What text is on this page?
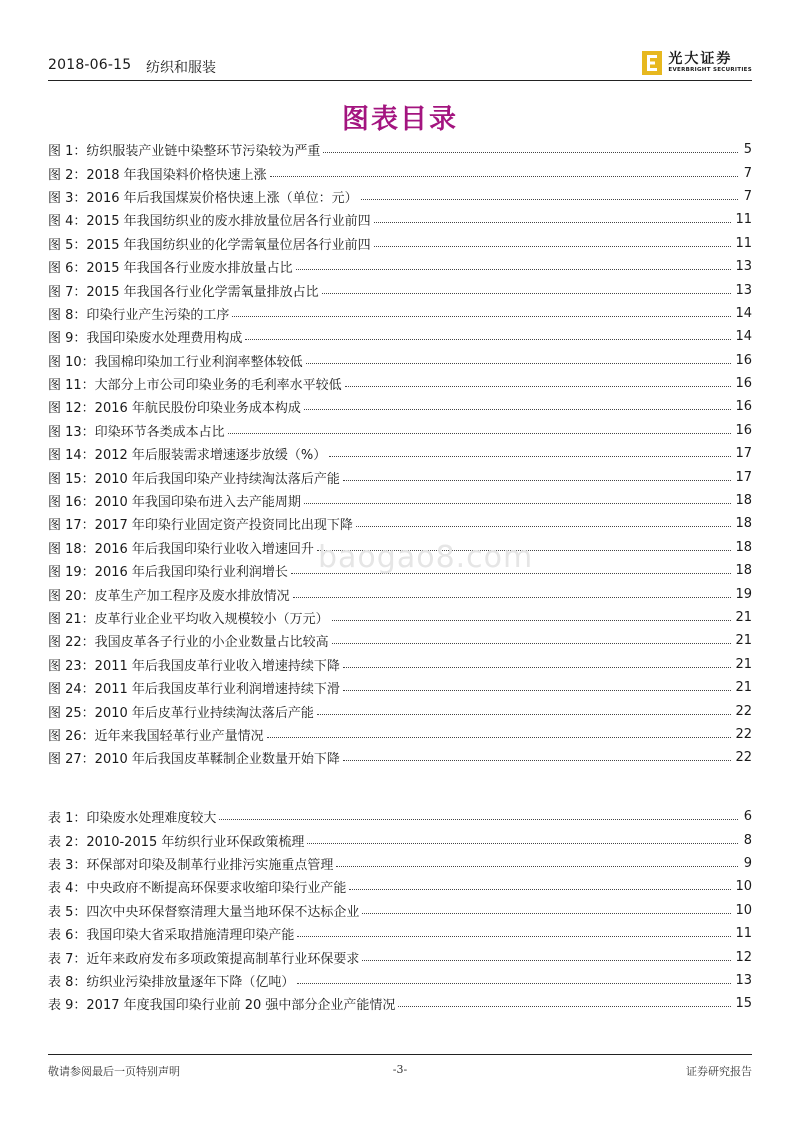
2018-06-15 纺织和服装
光大证券
EVERBRIGHT SECURITIES
图表目录
图 1：纺织服装产业链中染整环节污染较为严重	5
图 2：2018 年我国染料价格快速上涨	7
图 3：2016 年后我国煤炭价格快速上涨（单位：元）	7
图 4：2015 年我国纺织业的废水排放量位居各行业前四	11
图 5：2015 年我国纺织业的化学需氧量位居各行业前四	11
图 6：2015 年我国各行业废水排放量占比	13
图 7：2015 年我国各行业化学需氧量排放占比	13
图 8：印染行业产生污染的工序	14
图 9：我国印染废水处理费用构成	14
图 10：我国棉印染加工行业利润率整体较低	16
图 11：大部分上市公司印染业务的毛利率水平较低	16
图 12：2016 年航民股份印染业务成本构成	16
图 13：印染环节各类成本占比	16
图 14：2012 年后服装需求增速逐步放缓（%）	17
图 15：2010 年后我国印染产业持续淘汰落后产能	17
图 16：2010 年我国印染布进入去产能周期	18
图 17：2017 年印染行业固定资产投资同比出现下降	18
图 18：2016 年后我国印染行业收入增速回升	18
图 19：2016 年后我国印染行业利润增长	18
图 20：皮革生产加工程序及废水排放情况	19
图 21：皮革行业企业平均收入规模较小（万元）	21
图 22：我国皮革各子行业的小企业数量占比较高	21
图 23：2011 年后我国皮革行业收入增速持续下降	21
图 24：2011 年后我国皮革行业利润增速持续下滑	21
图 25：2010 年后皮革行业持续淘汰落后产能	22
图 26：近年来我国轻革行业产量情况	22
图 27：2010 年后我国皮革鞣制企业数量开始下降	22
表 1：印染废水处理难度较大	6
表 2：2010-2015 年纺织行业环保政策梳理	8
表 3：环保部对印染及制革行业排污实施重点管理	9
表 4：中央政府不断提高环保要求收缩印染行业产能	10
表 5：四次中央环保督察清理大量当地环保不达标企业	10
表 6：我国印染大省采取措施清理印染产能	11
表 7：近年来政府发布多项政策提高制革行业环保要求	12
表 8：纺织业污染排放量逐年下降（亿吨）	13
表 9：2017 年度我国印染行业前 20 强中部分企业产能情况	15
baogao8.com
敬请参阅最后一页特别声明	-3-	证券研究报告
